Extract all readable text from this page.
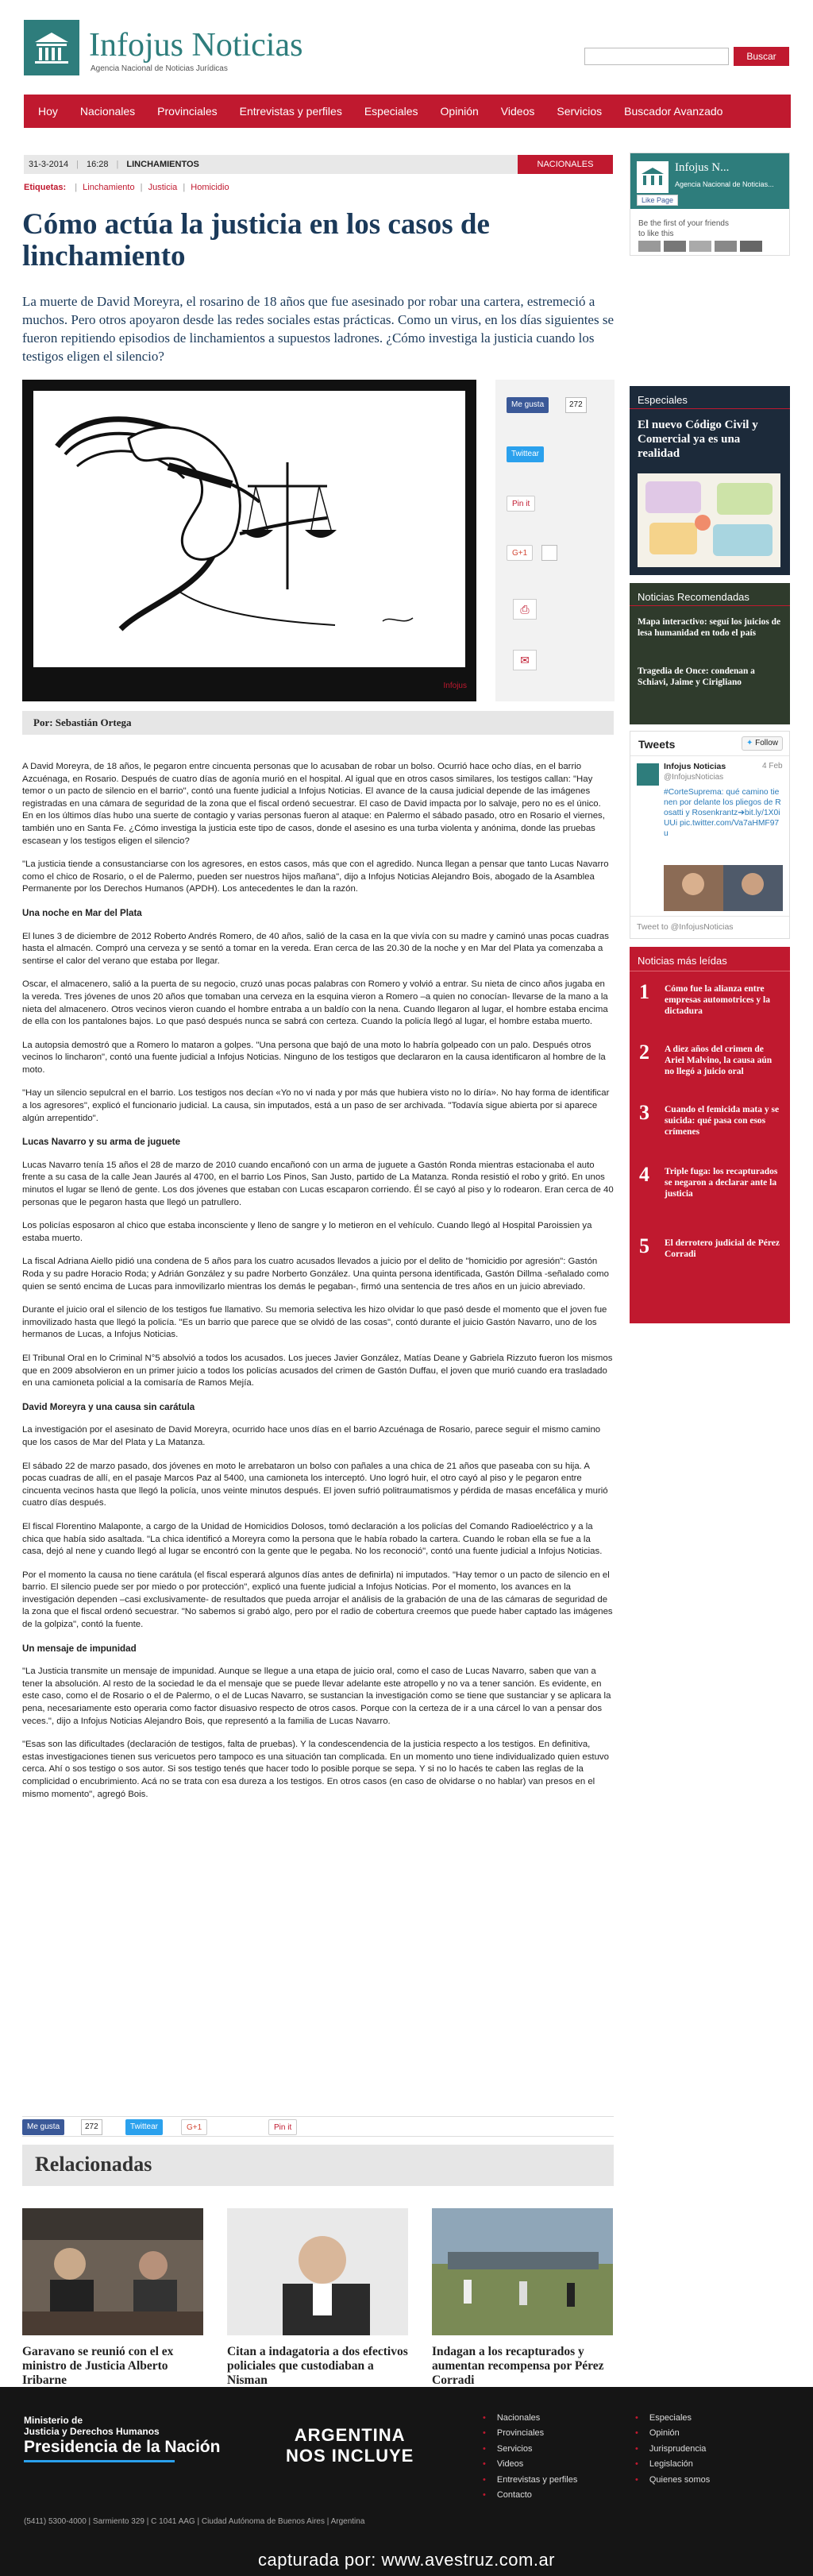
Infojus Noticias
Agencia Nacional de Noticias Jurídicas
Buscar
Hoy	Nacionales	Provinciales	Entrevistas y perfiles	Especiales	Opinión	Videos	Servicios	Buscador Avanzado
31-3-2014 | 16:28 | LINCHAMIENTOS	NACIONALES
Etiquetas: | Linchamiento | Justicia | Homicidio
Cómo actúa la justicia en los casos de linchamiento

La muerte de David Moreyra, el rosarino de 18 años que fue asesinado por robar una cartera, estremeció a muchos. Pero otros apoyaron desde las redes sociales estas prácticas. Como un virus, en los días siguientes se fueron repitiendo episodios de linchamientos a supuestos ladrones. ¿Cómo investiga la justicia cuando los testigos eligen el silencio?

Infojus
Me gusta	272
Twittear
Pin it
G+1
⎙
✉
Por: Sebastián Ortega

A David Moreyra, de 18 años, le pegaron entre cincuenta personas que lo acusaban de robar un bolso. Ocurrió hace ocho días, en el barrio Azcuénaga, en Rosario. Después de cuatro días de agonía murió en el hospital. Al igual que en otros casos similares, los testigos callan: "Hay temor o un pacto de silencio en el barrio", contó una fuente judicial a Infojus Noticias. El avance de la causa judicial depende de las imágenes registradas en una cámara de seguridad de la zona que el fiscal ordenó secuestrar. El caso de David impacta por lo salvaje, pero no es el único. En en los últimos días hubo una suerte de contagio y varias personas fueron al ataque: en Palermo el sábado pasado, otro en Rosario el viernes, también uno en Santa Fe. ¿Cómo investiga la justicia este tipo de casos, donde el asesino es una turba violenta y anónima, donde las pruebas escasean y los testigos eligen el silencio?

"La justicia tiende a consustanciarse con los agresores, en estos casos, más que con el agredido. Nunca llegan a pensar que tanto Lucas Navarro como el chico de Rosario, o el de Palermo, pueden ser nuestros hijos mañana", dijo a Infojus Noticias Alejandro Bois, abogado de la Asamblea Permanente por los Derechos Humanos (APDH). Los antecedentes le dan la razón.

Una noche en Mar del Plata

El lunes 3 de diciembre de 2012 Roberto Andrés Romero, de 40 años, salió de la casa en la que vivía con su madre y caminó unas pocas cuadras hasta el almacén. Compró una cerveza y se sentó a tomar en la vereda. Eran cerca de las 20.30 de la noche y en Mar del Plata ya comenzaba a sentirse el calor del verano que estaba por llegar.

Oscar, el almacenero, salió a la puerta de su negocio, cruzó unas pocas palabras con Romero y volvió a entrar. Su nieta de cinco años jugaba en la vereda. Tres jóvenes de unos 20 años que tomaban una cerveza en la esquina vieron a Romero –a quien no conocían- llevarse de la mano a la nieta del almacenero. Otros vecinos vieron cuando el hombre entraba a un baldío con la nena. Cuando llegaron al lugar, el hombre estaba encima de ella con los pantalones bajos. Lo que pasó después nunca se sabrá con certeza. Cuando la policía llegó al lugar, el hombre estaba muerto.

La autopsia demostró que a Romero lo mataron a golpes. "Una persona que bajó de una moto lo habría golpeado con un palo. Después otros vecinos lo lincharon", contó una fuente judicial a Infojus Noticias. Ninguno de los testigos que declararon en la causa identificaron al hombre de la moto.

"Hay un silencio sepulcral en el barrio. Los testigos nos decían «Yo no vi nada y por más que hubiera visto no lo diría». No hay forma de identificar a los agresores", explicó el funcionario judicial. La causa, sin imputados, está a un paso de ser archivada. "Todavía sigue abierta por si aparece algún arrepentido".

Lucas Navarro y su arma de juguete

Lucas Navarro tenía 15 años el 28 de marzo de 2010 cuando encañonó con un arma de juguete a Gastón Ronda mientras estacionaba el auto frente a su casa de la calle Jean Jaurés al 4700, en el barrio Los Pinos, San Justo, partido de La Matanza. Ronda resistió el robo y gritó. En unos minutos el lugar se llenó de gente. Los dos jóvenes que estaban con Lucas escaparon corriendo. Él se cayó al piso y lo rodearon. Eran cerca de 40 personas que le pegaron hasta que llegó un patrullero.

Los policías esposaron al chico que estaba inconsciente y lleno de sangre y lo metieron en el vehículo. Cuando llegó al Hospital Paroissien ya estaba muerto.

La fiscal Adriana Aiello pidió una condena de 5 años para los cuatro acusados llevados a juicio por el delito de "homicidio por agresión": Gastón Roda y su padre Horacio Roda; y Adrián González y su padre Norberto González. Una quinta persona identificada, Gastón Dillma -señalado como quien se sentó encima de Lucas para inmovilizarlo mientras los demás le pegaban-, firmó una sentencia de tres años en un juicio abreviado.

Durante el juicio oral el silencio de los testigos fue llamativo. Su memoria selectiva les hizo olvidar lo que pasó desde el momento que el joven fue inmovilizado hasta que llegó la policía. "Es un barrio que parece que se olvidó de las cosas", contó durante el juicio Gastón Navarro, uno de los hermanos de Lucas, a Infojus Noticias.

El Tribunal Oral en lo Criminal N°5 absolvió a todos los acusados. Los jueces Javier González, Matías Deane y Gabriela Rizzuto fueron los mismos que en 2009 absolvieron en un primer juicio a todos los policías acusados del crimen de Gastón Duffau, el joven que murió cuando era trasladado en una camioneta policial a la comisaría de Ramos Mejía.

David Moreyra y una causa sin carátula

La investigación por el asesinato de David Moreyra, ocurrido hace unos días en el barrio Azcuénaga de Rosario, parece seguir el mismo camino que los casos de Mar del Plata y La Matanza.

El sábado 22 de marzo pasado, dos jóvenes en moto le arrebataron un bolso con pañales a una chica de 21 años que paseaba con su hija. A pocas cuadras de allí, en el pasaje Marcos Paz al 5400, una camioneta los interceptó. Uno logró huir, el otro cayó al piso y le pegaron entre cincuenta vecinos hasta que llegó la policía, unos veinte minutos después. El joven sufrió politraumatismos y pérdida de masas encefálica y murió cuatro días después.

El fiscal Florentino Malaponte, a cargo de la Unidad de Homicidios Dolosos, tomó declaración a los policías del Comando Radioeléctrico y a la chica que había sido asaltada. "La chica identificó a Moreyra como la persona que le había robado la cartera. Cuando le roban ella se fue a la casa, dejó al nene y cuando llegó al lugar se encontró con la gente que le pegaba. No los reconoció", contó una fuente judicial a Infojus Noticias.

Por el momento la causa no tiene carátula (el fiscal esperará algunos días antes de definirla) ni imputados. "Hay temor o un pacto de silencio en el barrio. El silencio puede ser por miedo o por protección", explicó una fuente judicial a Infojus Noticias. Por el momento, los avances en la investigación dependen –casi exclusivamente- de resultados que pueda arrojar el análisis de la grabación de una de las cámaras de seguridad de la zona que el fiscal ordenó secuestrar. "No sabemos si grabó algo, pero por el radio de cobertura creemos que puede haber captado las imágenes de la golpiza", contó la fuente.

Un mensaje de impunidad

"La Justicia transmite un mensaje de impunidad. Aunque se llegue a una etapa de juicio oral, como el caso de Lucas Navarro, saben que van a tener la absolución. Al resto de la sociedad le da el mensaje que se puede llevar adelante este atropello y no va a tener sanción. Es evidente, en este caso, como el de Rosario o el de Palermo, o el de Lucas Navarro, se sustancian la investigación como se tiene que sustanciar y se aplicara la pena, necesariamente esto operaria como factor disuasivo respecto de otros casos. Porque con la certeza de ir a una cárcel lo van a pensar dos veces.", dijo a Infojus Noticias Alejandro Bois, que representó a la familia de Lucas Navarro.

"Esas son las dificultades (declaración de testigos, falta de pruebas). Y la condescendencia de la justicia respecto a los testigos. En definitiva, estas investigaciones tienen sus vericuetos pero tampoco es una situación tan complicada. En un momento uno tiene individualizado quien estuvo cerca. Ahí o sos testigo o sos autor. Si sos testigo tenés que hacer todo lo posible porque se sepa. Y si no lo hacés te caben las reglas de la complicidad o encubrimiento. Acá no se trata con esa dureza a los testigos. En otros casos (en caso de olvidarse o no hablar) van presos en el mismo momento", agregó Bois.

Me gusta	272	Twittear	G+1	Pin it
Relacionadas
Garavano se reunió con el ex ministro de Justicia Alberto Iribarne
Citan a indagatoria a dos efectivos policiales que custodiaban a Nisman
Indagan a los recapturados y aumentan recompensa por Pérez Corradi
Infojus N...
Agencia Nacional de Noticias...
Like Page
Be the first of your friends to like this
Especiales
El nuevo Código Civil y Comercial ya es una realidad
Noticias Recomendadas
Mapa interactivo: seguí los juicios de lesa humanidad en todo el país
Tragedia de Once: condenan a Schiavi, Jaime y Cirigliano
Tweets	✦ Follow
Infojus Noticias	4 Feb
@InfojusNoticias
#CorteSuprema: qué camino tienen por delante los pliegos de Rosatti y Rosenkrantz➔bit.ly/1X0iUUi pic.twitter.com/Va7aHMF97u
Tweet to @InfojusNoticias
Noticias más leídas
1 Cómo fue la alianza entre empresas automotrices y la dictadura
2 A diez años del crimen de Ariel Malvino, la causa aún no llegó a juicio oral
3 Cuando el femicida mata y se suicida: qué pasa con esos crímenes
4 Triple fuga: los recapturados se negaron a declarar ante la justicia
5 El derrotero judicial de Pérez Corradi
Ministerio de
Justicia y Derechos Humanos
Presidencia de la Nación
ARGENTINA
NOS INCLUYE
(5411) 5300-4000 | Sarmiento 329 | C 1041 AAG | Ciudad Autónoma de Buenos Aires | Argentina
• Nacionales
• Provinciales
• Servicios
• Videos
• Entrevistas y perfiles
• Contacto
• Especiales
• Opinión
• Jurisprudencia
• Legislación
• Quienes somos
capturada por: www.avestruz.com.ar
